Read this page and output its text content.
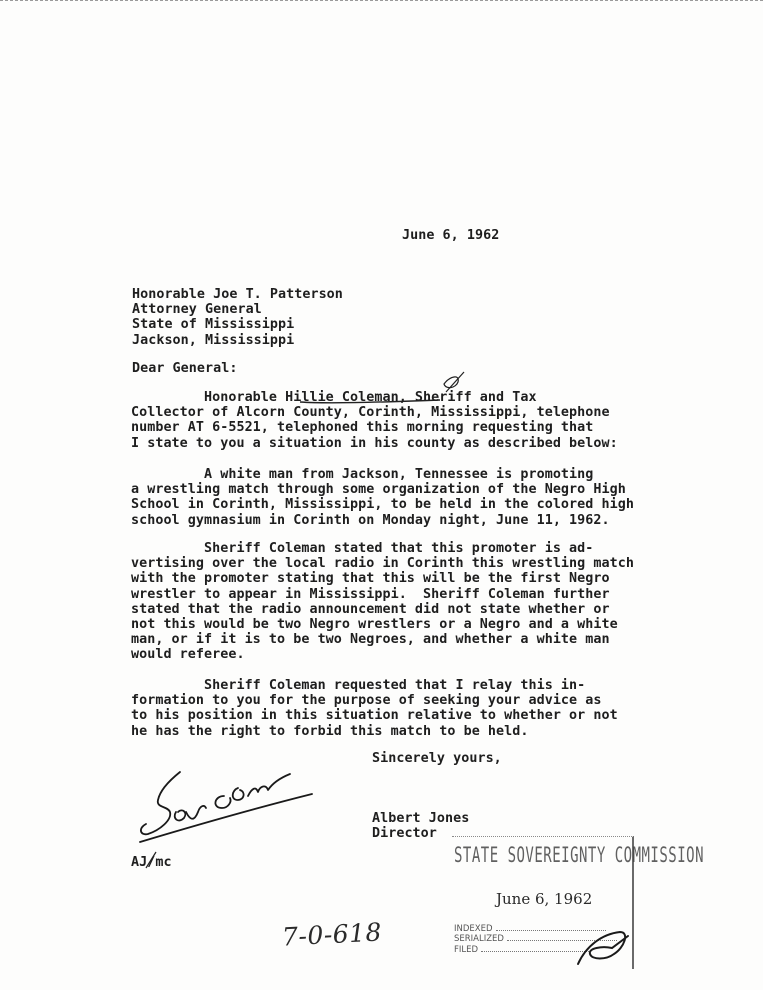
June 6, 1962
Honorable Joe T. Patterson
Attorney General
State of Mississippi
Jackson, Mississippi
Dear General:
Honorable Hillie Coleman, Sheriff and Tax
Collector of Alcorn County, Corinth, Mississippi, telephone
number AT 6-5521, telephoned this morning requesting that
I state to you a situation in his county as described below:
A white man from Jackson, Tennessee is promoting
a wrestling match through some organization of the Negro High
School in Corinth, Mississippi, to be held in the colored high
school gymnasium in Corinth on Monday night, June 11, 1962.
Sheriff Coleman stated that this promoter is ad-
vertising over the local radio in Corinth this wrestling match
with the promoter stating that this will be the first Negro
wrestler to appear in Mississippi.  Sheriff Coleman further
stated that the radio announcement did not state whether or
not this would be two Negro wrestlers or a Negro and a white
man, or if it is to be two Negroes, and whether a white man
would referee.
Sheriff Coleman requested that I relay this in-
formation to you for the purpose of seeking your advice as
to his position in this situation relative to whether or not
he has the right to forbid this match to be held.
Sincerely yours,
Albert Jones
Director
AJ/mc	STATE SOVEREIGNTY COMMISSION
June 6, 1962
INDEXED
SERIALIZED
FILED
7-0-618
